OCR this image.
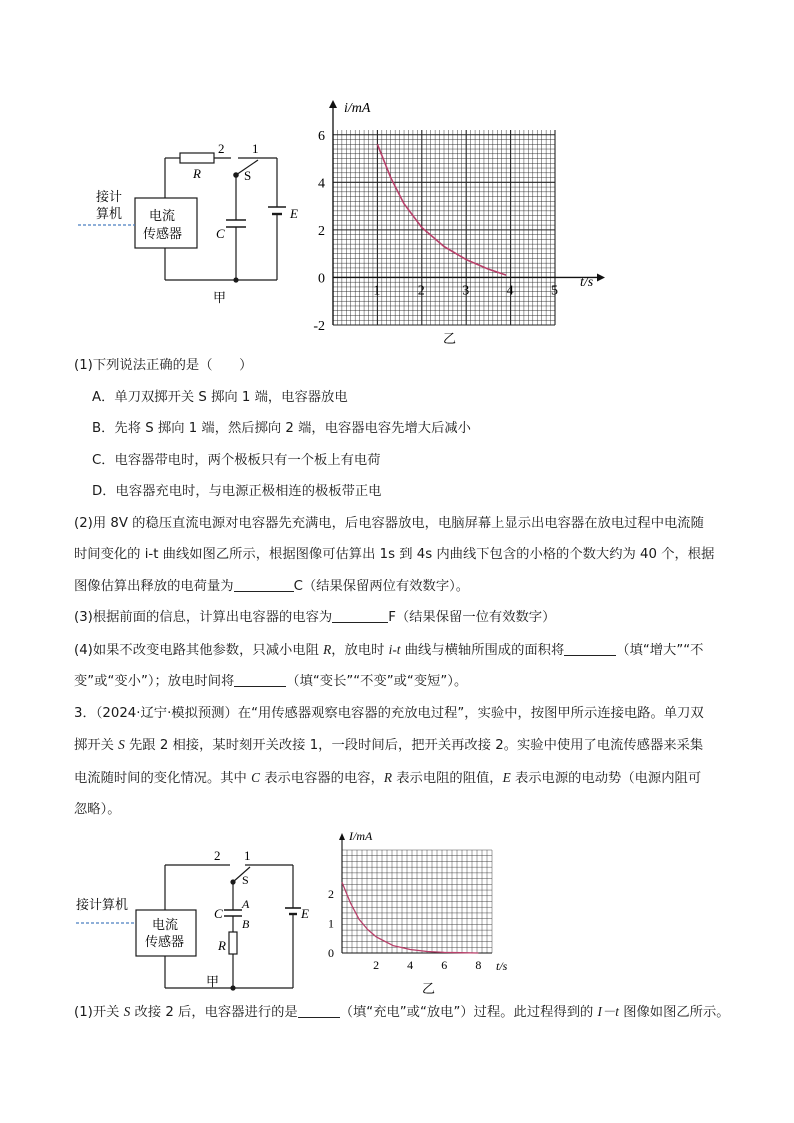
2 1
R	S
C
E
接计
算机 电流
传感器
甲
6
4
2
0
-2
1	2	3	4	5
i/mA
t/s
乙
(1)下列说法正确的是（　　）
A．单刀双掷开关 S 掷向 1 端，电容器放电
B．先将 S 掷向 1 端，然后掷向 2 端，电容器电容先增大后减小
C．电容器带电时，两个极板只有一个板上有电荷
D．电容器充电时，与电源正极相连的极板带正电
(2)用 8V 的稳压直流电源对电容器先充满电，后电容器放电，电脑屏幕上显示出电容器在放电过程中电流随
时间变化的 i-t 曲线如图乙所示，根据图像可估算出 1s 到 4s 内曲线下包含的小格的个数大约为 40 个，根据
图像估算出释放的电荷量为	C（结果保留两位有效数字）。
(3)根据前面的信息，计算出电容器的电容为	F（结果保留一位有效数字）
(4)如果不改变电路其他参数，只减小电阻 R，放电时 i-t 曲线与横轴所围成的面积将	（填“增大”“不
变”或“变小”）；放电时间将	（填“变长”“不变”或“变短”）。
3．（2024·辽宁·模拟预测）在“用传感器观察电容器的充放电过程”，实验中，按图甲所示连接电路。单刀双
掷开关 S 先跟 2 相接，某时刻开关改接 1，一段时间后，把开关再改接 2。实验中使用了电流传感器来采集
电流随时间的变化情况。其中 C 表示电容器的电容，R 表示电阻的阻值，E 表示电源的电动势（电源内阻可
忽略）。
2 1
S
C
A
B
R
E
接计算机
电流
传感器
甲
2
1
0
2 4 6 8
I/mA
t/s
乙
(1)开关 S 改接 2 后，电容器进行的是	（填“充电”或“放电”）过程。此过程得到的 I－t 图像如图乙所示。
